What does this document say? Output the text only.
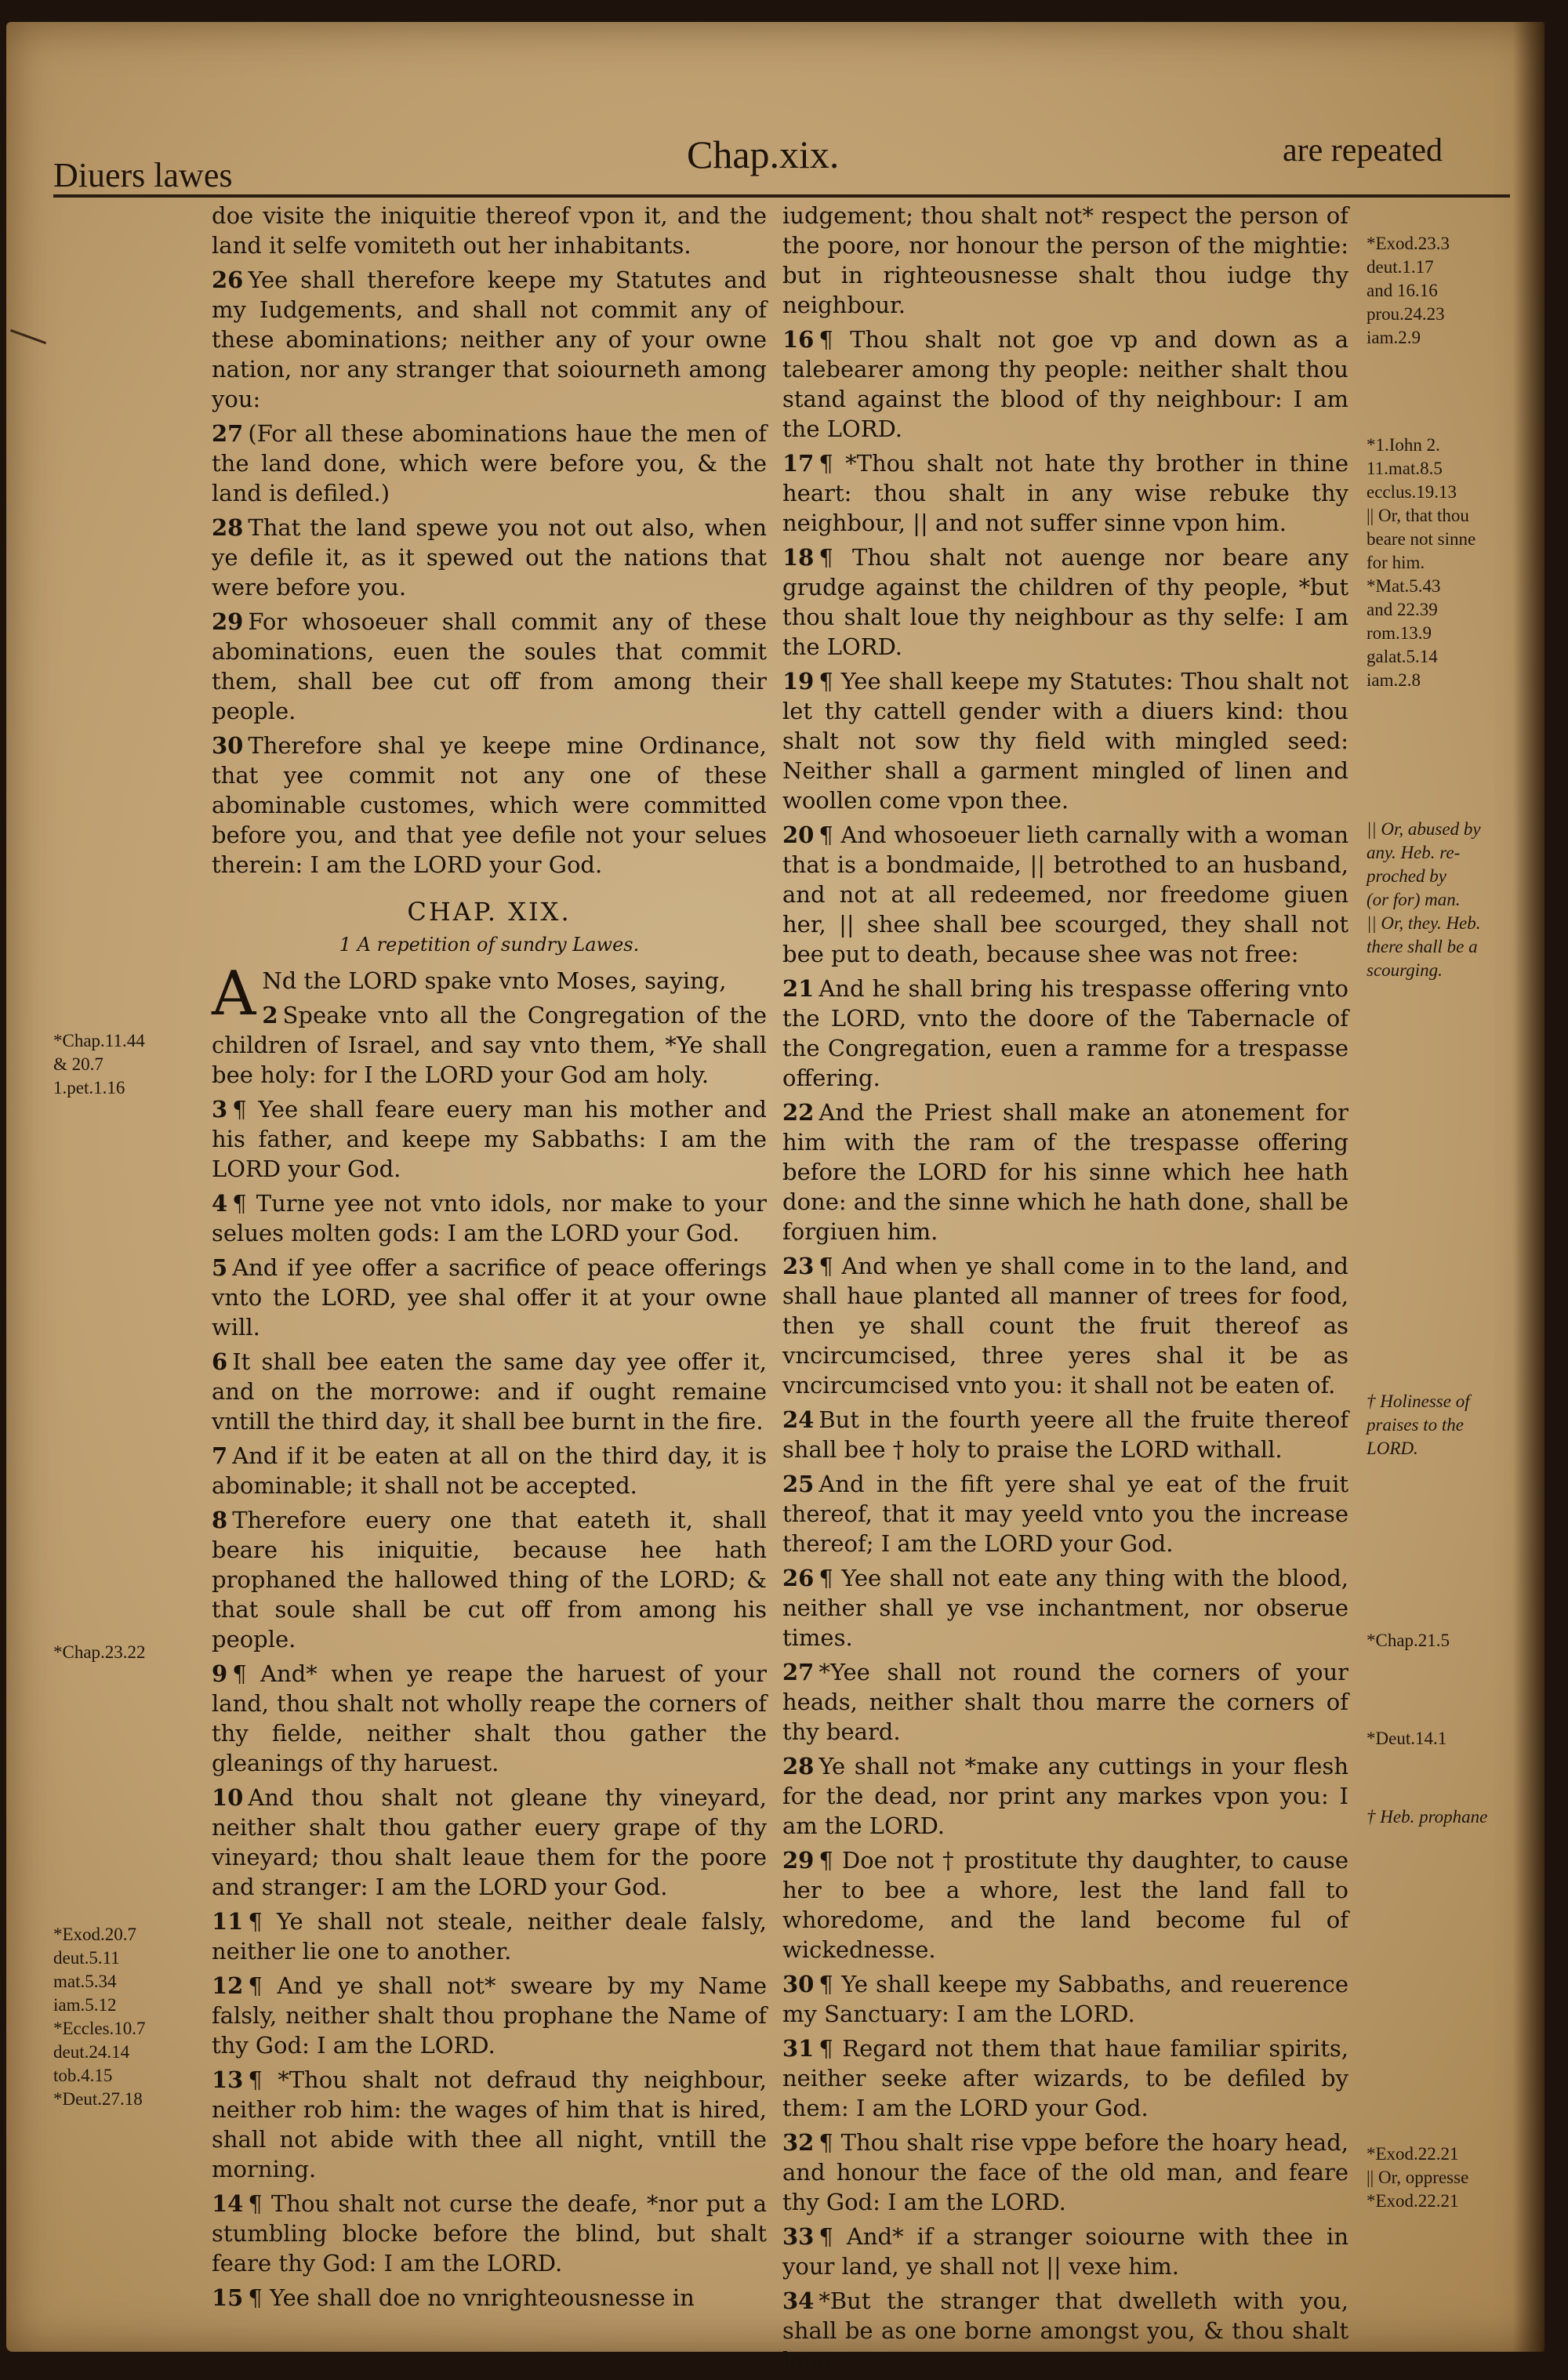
Diuers lawes	Chap.xix.	are repeated

doe visite the iniquitie thereof vpon it, and the land it selfe vomiteth out her inhabitants.

26 Yee shall therefore keepe my Statutes and my Iudgements, and shall not commit any of these abominations; neither any of your owne nation, nor any stranger that soiourneth among you:

27 (For all these abominations haue the men of the land done, which were before you, & the land is defiled.)

28 That the land spewe you not out also, when ye defile it, as it spewed out the nations that were before you.

29 For whosoeuer shall commit any of these abominations, euen the soules that commit them, shall bee cut off from among their people.

30 Therefore shal ye keepe mine Ordinance, that yee commit not any one of these abominable customes, which were committed before you, and that yee defile not your selues therein: I am the LORD your God.

CHAP. XIX.
1 A repetition of sundry Lawes.

A Nd the LORD spake vnto Moses, saying,

2 Speake vnto all the Congregation of the children of Israel, and say vnto them, *Ye shall bee holy: for I the LORD your God am holy.

3 ¶ Yee shall feare euery man his mother and his father, and keepe my Sabbaths: I am the LORD your God.

4 ¶ Turne yee not vnto idols, nor make to your selues molten gods: I am the LORD your God.

5 And if yee offer a sacrifice of peace offerings vnto the LORD, yee shal offer it at your owne will.

6 It shall bee eaten the same day yee offer it, and on the morrowe: and if ought remaine vntill the third day, it shall bee burnt in the fire.

7 And if it be eaten at all on the third day, it is abominable; it shall not be accepted.

8 Therefore euery one that eateth it, shall beare his iniquitie, because hee hath prophaned the hallowed thing of the LORD; & that soule shall be cut off from among his people.

9 ¶ And* when ye reape the haruest of your land, thou shalt not wholly reape the corners of thy fielde, neither shalt thou gather the gleanings of thy haruest.

10 And thou shalt not gleane thy vineyard, neither shalt thou gather euery grape of thy vineyard; thou shalt leaue them for the poore and stranger: I am the LORD your God.

11 ¶ Ye shall not steale, neither deale falsly, neither lie one to another.

12 ¶ And ye shall not* sweare by my Name falsly, neither shalt thou prophane the Name of thy God: I am the LORD.

13 ¶ *Thou shalt not defraud thy neighbour, neither rob him: the wages of him that is hired, shall not abide with thee all night, vntill the morning.

14 ¶ Thou shalt not curse the deafe, *nor put a stumbling blocke before the blind, but shalt feare thy God: I am the LORD.

15 ¶ Yee shall doe no vnrighteousnesse in

iudgement; thou shalt not* respect the person of the poore, nor honour the person of the mightie: but in righteousnesse shalt thou iudge thy neighbour.

16 ¶ Thou shalt not goe vp and down as a talebearer among thy people: neither shalt thou stand against the blood of thy neighbour: I am the LORD.

17 ¶ *Thou shalt not hate thy brother in thine heart: thou shalt in any wise rebuke thy neighbour, || and not suffer sinne vpon him.

18 ¶ Thou shalt not auenge nor beare any grudge against the children of thy people, *but thou shalt loue thy neighbour as thy selfe: I am the LORD.

19 ¶ Yee shall keepe my Statutes: Thou shalt not let thy cattell gender with a diuers kind: thou shalt not sow thy field with mingled seed: Neither shall a garment mingled of linen and woollen come vpon thee.

20 ¶ And whosoeuer lieth carnally with a woman that is a bondmaide, || betrothed to an husband, and not at all redeemed, nor freedome giuen her, || shee shall bee scourged, they shall not bee put to death, because shee was not free:

21 And he shall bring his trespasse offering vnto the LORD, vnto the doore of the Tabernacle of the Congregation, euen a ramme for a trespasse offering.

22 And the Priest shall make an atonement for him with the ram of the trespasse offering before the LORD for his sinne which hee hath done: and the sinne which he hath done, shall be forgiuen him.

23 ¶ And when ye shall come in to the land, and shall haue planted all manner of trees for food, then ye shall count the fruit thereof as vncircumcised, three yeres shal it be as vncircumcised vnto you: it shall not be eaten of.

24 But in the fourth yeere all the fruite thereof shall bee † holy to praise the LORD withall.

25 And in the fift yere shal ye eat of the fruit thereof, that it may yeeld vnto you the increase thereof; I am the LORD your God.

26 ¶ Yee shall not eate any thing with the blood, neither shall ye vse inchantment, nor obserue times.

27 *Yee shall not round the corners of your heads, neither shalt thou marre the corners of thy beard.

28 Ye shall not *make any cuttings in your flesh for the dead, nor print any markes vpon you: I am the LORD.

29 ¶ Doe not † prostitute thy daughter, to cause her to bee a whore, lest the land fall to whoredome, and the land become ful of wickednesse.

30 ¶ Ye shall keepe my Sabbaths, and reuerence my Sanctuary: I am the LORD.

31 ¶ Regard not them that haue familiar spirits, neither seeke after wizards, to be defiled by them: I am the LORD your God.

32 ¶ Thou shalt rise vppe before the hoary head, and honour the face of the old man, and feare thy God: I am the LORD.

33 ¶ And* if a stranger soiourne with thee in your land, ye shall not || vexe him.

34 *But the stranger that dwelleth with you, shall be as one borne amongst you, & thou shalt loue

*Chap.11.44
& 20.7
1.pet.1.16
*Chap.23.22
*Exod.20.7
deut.5.11
mat.5.34
iam.5.12
*Eccles.10.7
deut.24.14
tob.4.15
*Deut.27.18
*Exod.23.3
deut.1.17
and 16.16
prou.24.23
iam.2.9
*1.Iohn 2.
11.mat.8.5
ecclus.19.13
|| Or, that thou
beare not sinne
for him.
*Mat.5.43
and 22.39
rom.13.9
galat.5.14
iam.2.8
|| Or, abused by
any. Heb. re-
proched by
(or for) man.
|| Or, they. Heb.
there shall be a
scourging.
† Holinesse of
praises to the
LORD.
*Chap.21.5
*Deut.14.1
† Heb. prophane
*Exod.22.21
|| Or, oppresse
*Exod.22.21
